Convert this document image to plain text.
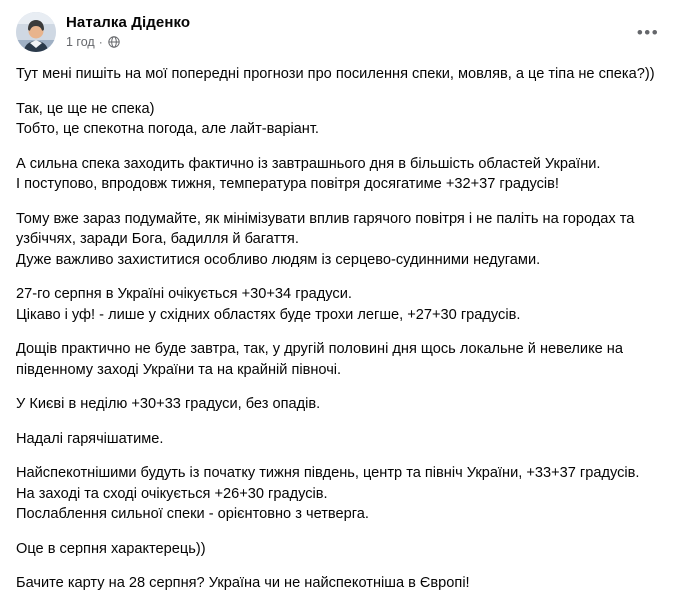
Наталка Діденко
1 год ·
•••
Тут мені пишіть на мої попередні прогнози про посилення спеки, мовляв, а це тіпа не спека?))
Так, це ще не спека)
Тобто, це спекотна погода, але лайт-варіант.
А сильна спека заходить фактично із завтрашнього дня в більшість областей України.
І поступово, впродовж тижня, температура повітря досягатиме +32+37 градусів!
Тому вже зараз подумайте, як мінімізувати вплив гарячого повітря і не паліть на городах та узбіччях, заради Бога, бадилля й багаття.
Дуже важливо захиститися особливо людям із серцево-судинними недугами.
27-го серпня в Україні очікується +30+34 градуси.
Цікаво і уф! - лише у східних областях буде трохи легше, +27+30 градусів.
Дощів практично не буде завтра, так, у другій половині дня щось локальне й невелике на південному заході України та на крайній півночі.
У Києві в неділю +30+33 градуси, без опадів.
Надалі гарячішатиме.
Найспекотнішими будуть із початку тижня південь, центр та північ України, +33+37 градусів.
На заході та сході очікується +26+30 градусів.
Послаблення сильної спеки - орієнтовно з четверга.
Оце в серпня характерець))
Бачите карту на 28 серпня? Україна чи не найспекотніша в Європі!
